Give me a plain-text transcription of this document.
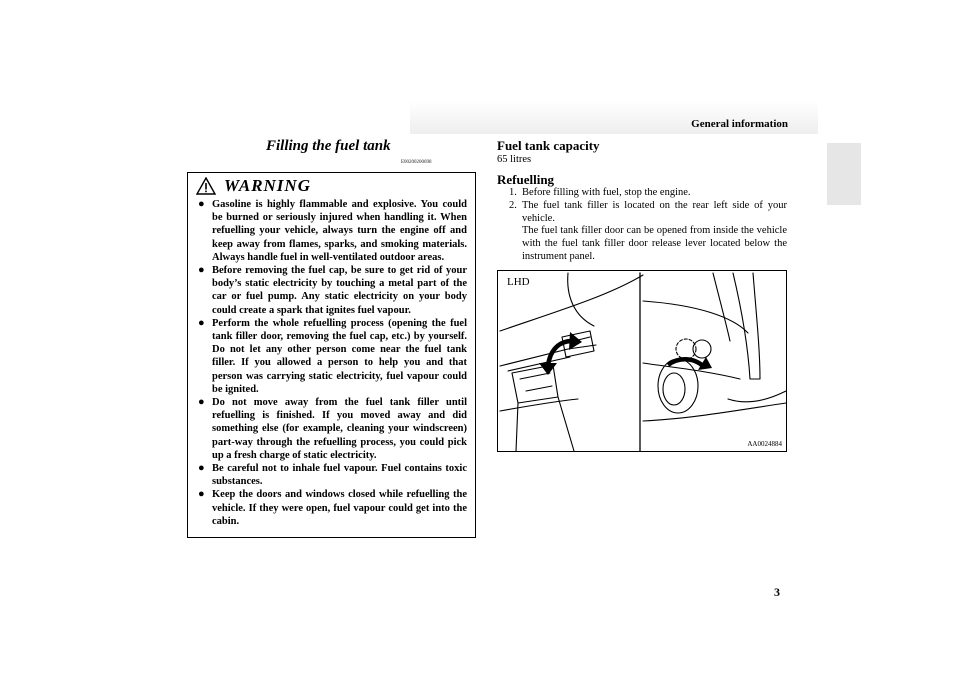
General information
Filling the fuel tank
E00200200698
WARNING
● Gasoline is highly flammable and explosive. You could be burned or seriously injured when handling it. When refuelling your vehicle, always turn the engine off and keep away from flames, sparks, and smoking materials. Always handle fuel in well-ventilated outdoor areas.
● Before removing the fuel cap, be sure to get rid of your body’s static electricity by touching a metal part of the car or fuel pump. Any static electricity on your body could create a spark that ignites fuel vapour.
● Perform the whole refuelling process (opening the fuel tank filler door, removing the fuel cap, etc.) by yourself. Do not let any other person come near the fuel tank filler. If you allowed a person to help you and that person was carrying static electricity, fuel vapour could be ignited.
● Do not move away from the fuel tank filler until refuelling is finished. If you moved away and did something else (for example, cleaning your windscreen) part-way through the refuelling process, you could pick up a fresh charge of static electricity.
● Be careful not to inhale fuel vapour. Fuel contains toxic substances.
● Keep the doors and windows closed while refuelling the vehicle. If they were open, fuel vapour could get into the cabin.
Fuel tank capacity
65 litres
Refuelling
1. Before filling with fuel, stop the engine.

2. The fuel tank filler is located on the rear left side of your vehicle.

The fuel tank filler door can be opened from inside the vehicle with the fuel tank filler door release lever located below the instrument panel.

LHD
AA0024884
3
